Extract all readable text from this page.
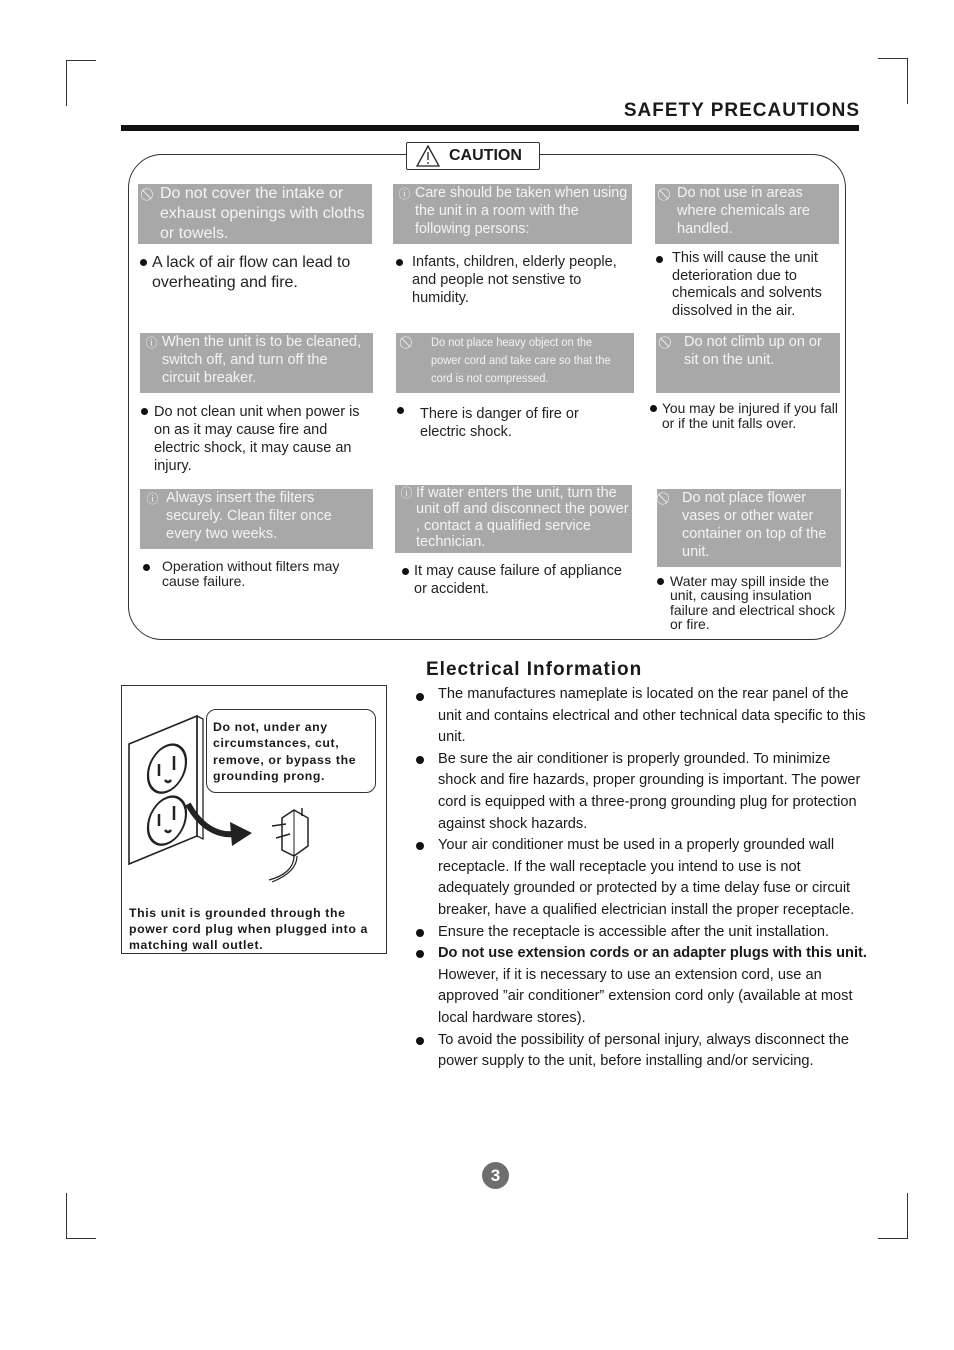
SAFETY PRECAUTIONS
CAUTION
Do not cover the intake or exhaust openings with cloths or towels.
A lack of air flow can lead to overheating and fire.
ⓘ Care should be taken when using the unit in a room with the following persons:
Infants, children, elderly people, and people not senstive to humidity.
Do not use in areas where chemicals are handled.
This will cause the unit deterioration due to chemicals and solvents dissolved in the air.
ⓘ When the unit is to be cleaned, switch off, and turn off the circuit breaker.
Do not clean unit when power is on as it may cause fire and electric shock, it may cause an injury.
Do not place heavy object on the power cord and take care so that the cord is not compressed.
There is danger of fire or electric shock.
Do not climb up on or sit on the unit.
You may be injured if you fall or if the unit falls over.
ⓘ Always insert the filters securely. Clean filter once every two weeks.
Operation without filters may cause failure.
ⓘ If water enters the unit, turn the unit off and disconnect the power , contact a qualified service technician.
It may cause failure of appliance or accident.
Do not place flower vases or other water container on top of the unit.
Water may spill inside the unit, causing insulation failure and electrical shock or fire.
Do not, under any circumstances, cut, remove, or bypass the grounding prong.
This unit is grounded through the power cord plug when plugged into a matching wall outlet.
Electrical Information
The manufactures nameplate is located on the rear panel of the unit and contains electrical and other technical data specific to this unit.
Be sure the air conditioner is properly grounded. To minimize shock and fire hazards, proper grounding is important. The power cord is equipped with a three-prong grounding plug for protection against shock hazards.
Your air conditioner must be used in a properly grounded wall receptacle. If the wall receptacle you intend to use is not adequately grounded or protected by a time delay fuse or circuit breaker, have a qualified electrician install the proper receptacle.
Ensure the receptacle is accessible after the unit installation.
Do not use extension cords or an adapter plugs with this unit. However, if it is necessary to use an extension cord, use an approved ”air conditioner” extension cord only (available at most local hardware stores).
To avoid the possibility of personal injury, always disconnect the power supply to the unit, before installing and/or servicing.
3
